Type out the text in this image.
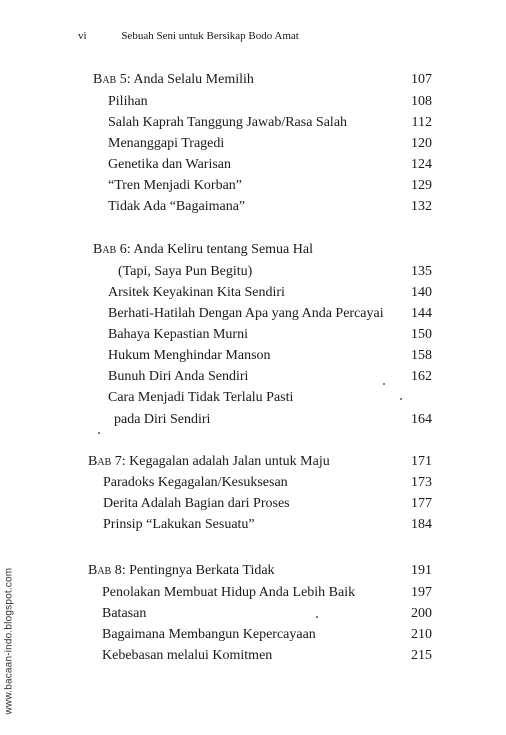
vi	Sebuah Seni untuk Bersikap Bodo Amat
www.bacaan-indo.blogspot.com
Bab 5: Anda Selalu Memilih	107
Pilihan	108
Salah Kaprah Tanggung Jawab/Rasa Salah	112
Menanggapi Tragedi	120
Genetika dan Warisan	124
“Tren Menjadi Korban”	129
Tidak Ada “Bagaimana”	132
Bab 6: Anda Keliru tentang Semua Hal
(Tapi, Saya Pun Begitu)	135
Arsitek Keyakinan Kita Sendiri	140
Berhati-Hatilah Dengan Apa yang Anda Percayai 144
Bahaya Kepastian Murni	150
Hukum Menghindar Manson	158
Bunuh Diri Anda Sendiri	162
Cara Menjadi Tidak Terlalu Pasti
pada Diri Sendiri	164
Bab 7: Kegagalan adalah Jalan untuk Maju	171
Paradoks Kegagalan/Kesuksesan	173
Derita Adalah Bagian dari Proses	177
Prinsip “Lakukan Sesuatu”	184
Bab 8: Pentingnya Berkata Tidak	191
Penolakan Membuat Hidup Anda Lebih Baik	197
Batasan	200
Bagaimana Membangun Kepercayaan	210
Kebebasan melalui Komitmen	215
